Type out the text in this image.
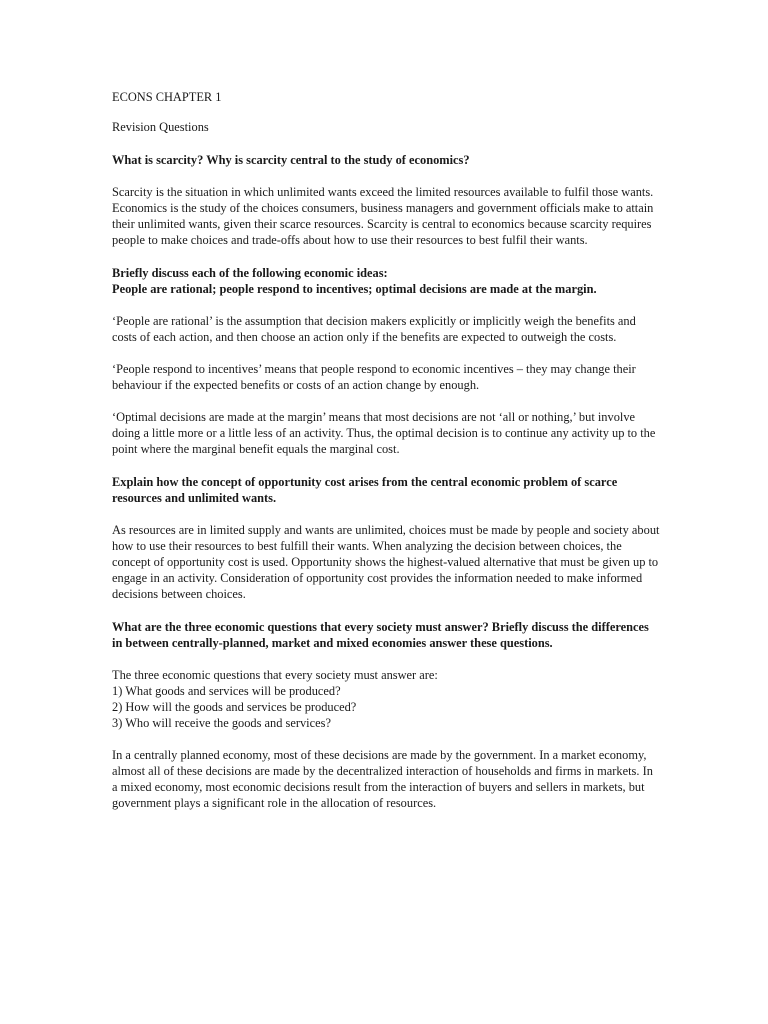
ECONS CHAPTER 1

Revision Questions

What is scarcity? Why is scarcity central to the study of economics?

Scarcity is the situation in which unlimited wants exceed the limited resources available to fulfil those wants. Economics is the study of the choices consumers, business managers and government officials make to attain their unlimited wants, given their scarce resources. Scarcity is central to economics because scarcity requires people to make choices and trade-offs about how to use their resources to best fulfil their wants.

Briefly discuss each of the following economic ideas:
People are rational; people respond to incentives; optimal decisions are made at the margin.

‘People are rational’ is the assumption that decision makers explicitly or implicitly weigh the benefits and costs of each action, and then choose an action only if the benefits are expected to outweigh the costs.

‘People respond to incentives’ means that people respond to economic incentives – they may change their behaviour if the expected benefits or costs of an action change by enough.

‘Optimal decisions are made at the margin’ means that most decisions are not ‘all or nothing,’ but involve doing a little more or a little less of an activity. Thus, the optimal decision is to continue any activity up to the point where the marginal benefit equals the marginal cost.

Explain how the concept of opportunity cost arises from the central economic problem of scarce resources and unlimited wants.

As resources are in limited supply and wants are unlimited, choices must be made by people and society about how to use their resources to best fulfill their wants. When analyzing the decision between choices, the concept of opportunity cost is used. Opportunity shows the highest-valued alternative that must be given up to engage in an activity. Consideration of opportunity cost provides the information needed to make informed decisions between choices.

What are the three economic questions that every society must answer? Briefly discuss the differences in between centrally-planned, market and mixed economies answer these questions.

The three economic questions that every society must answer are:
1) What goods and services will be produced?
2) How will the goods and services be produced?
3) Who will receive the goods and services?

In a centrally planned economy, most of these decisions are made by the government. In a market economy, almost all of these decisions are made by the decentralized interaction of households and firms in markets. In a mixed economy, most economic decisions result from the interaction of buyers and sellers in markets, but government plays a significant role in the allocation of resources.
